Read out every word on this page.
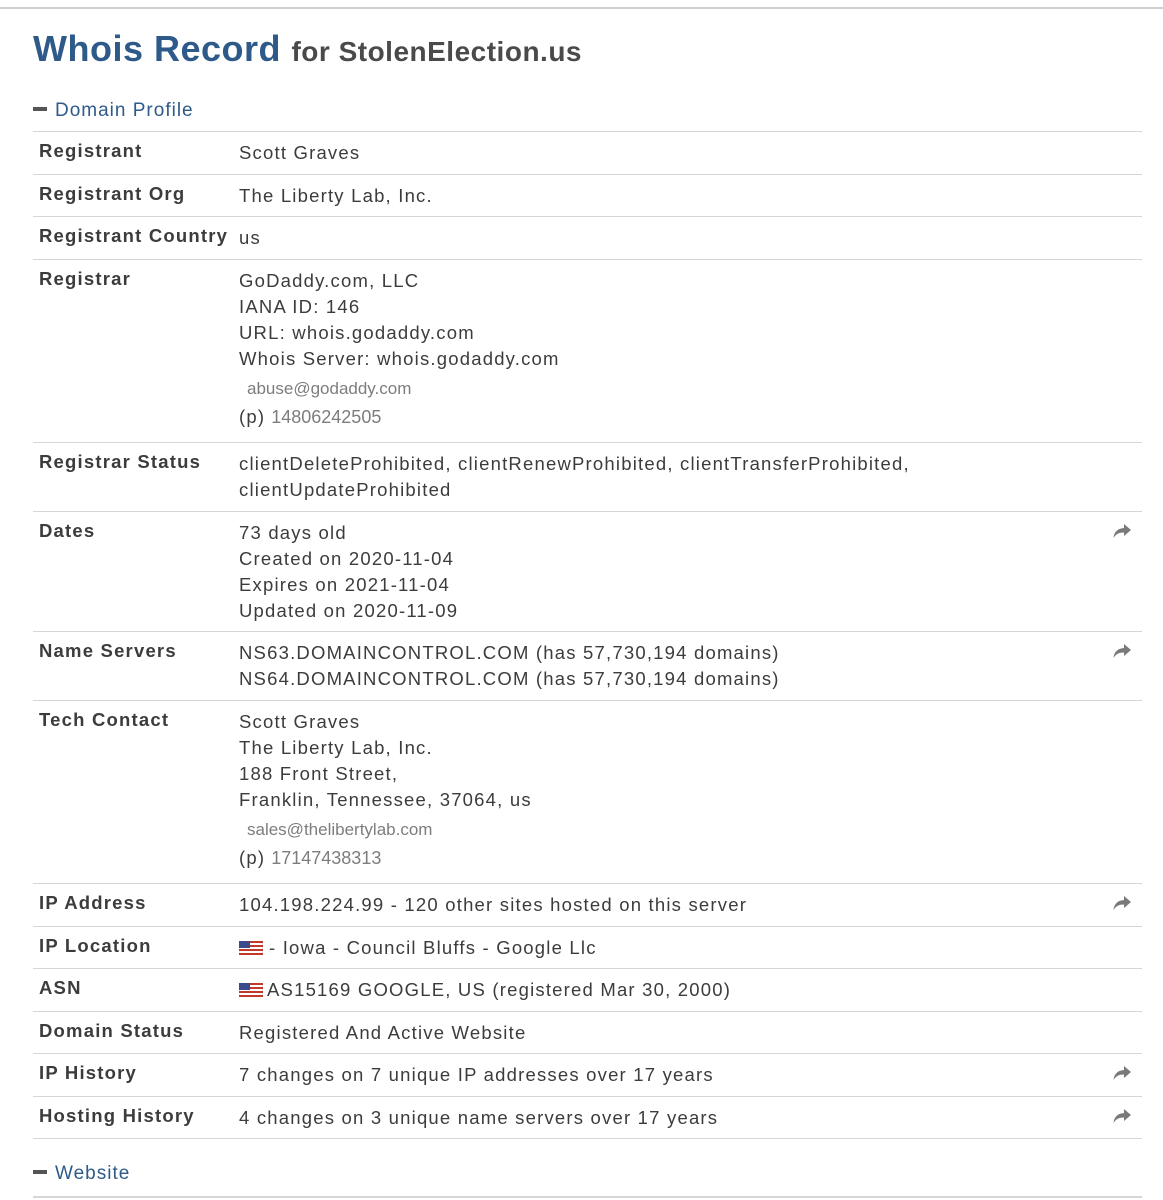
Whois Record for StolenElection.us
Domain Profile
Registrant	Scott Graves
Registrant Org	The Liberty Lab, Inc.
Registrant Country us
Registrar	GoDaddy.com, LLC
IANA ID: 146
URL: whois.godaddy.com
Whois Server: whois.godaddy.com
abuse@godaddy.com
(p) 14806242505
Registrar Status clientDeleteProhibited, clientRenewProhibited, clientTransferProhibited,
clientUpdateProhibited
Dates	73 days old
Created on 2020-11-04
Expires on 2021-11-04
Updated on 2020-11-09
Name Servers	NS63.DOMAINCONTROL.COM (has 57,730,194 domains)
NS64.DOMAINCONTROL.COM (has 57,730,194 domains)
Tech Contact	Scott Graves
The Liberty Lab, Inc.
188 Front Street,
Franklin, Tennessee, 37064, us
sales@thelibertylab.com
(p) 17147438313
IP Address	104.198.224.99 - 120 other sites hosted on this server
IP Location	- Iowa - Council Bluffs - Google Llc
ASN	AS15169 GOOGLE, US (registered Mar 30, 2000)
Domain Status	Registered And Active Website
IP History	7 changes on 7 unique IP addresses over 17 years
Hosting History 4 changes on 3 unique name servers over 17 years
Website
